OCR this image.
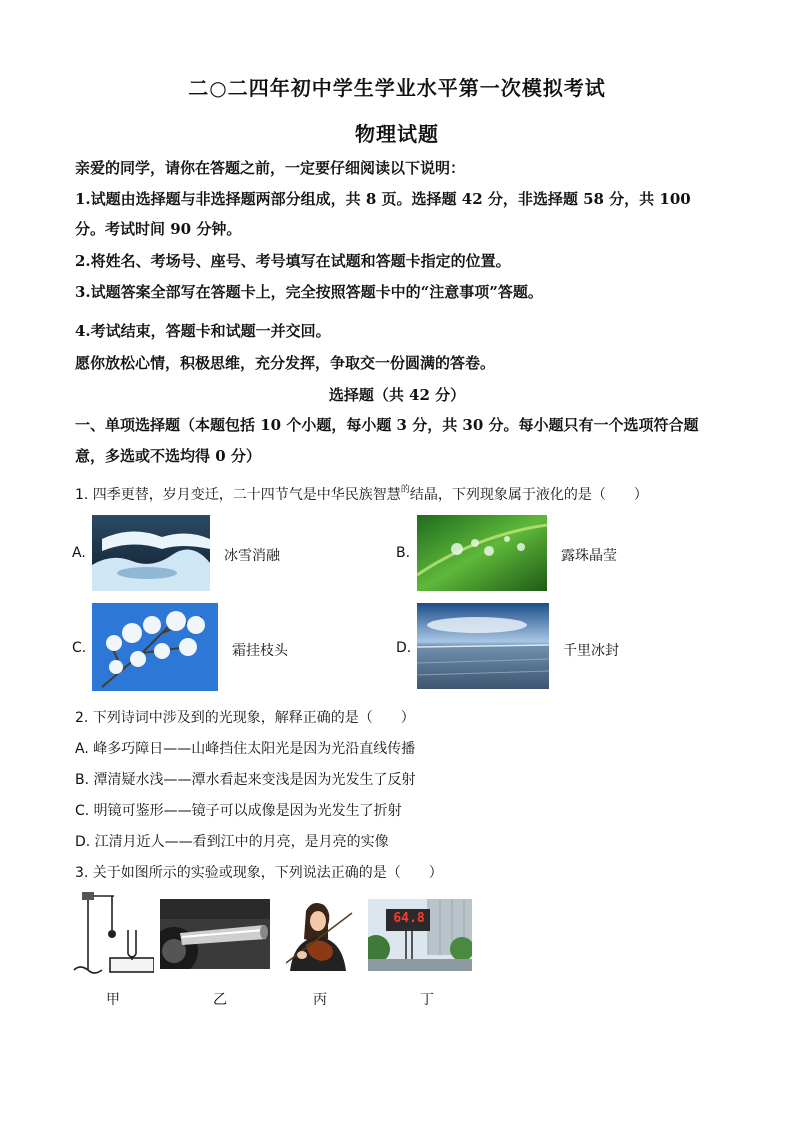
二○二四年初中学生学业水平第一次模拟考试
物理试题
亲爱的同学，请你在答题之前，一定要仔细阅读以下说明：
1.试题由选择题与非选择题两部分组成，共 8 页。选择题 42 分，非选择题 58 分，共 100
分。考试时间 90 分钟。
2.将姓名、考场号、座号、考号填写在试题和答题卡指定的位置。
3.试题答案全部写在答题卡上，完全按照答题卡中的“注意事项”答题。
4.考试结束，答题卡和试题一并交回。
愿你放松心情，积极思维，充分发挥，争取交一份圆满的答卷。
选择题（共 42 分）
一、单项选择题（本题包括 10 个小题，每小题 3 分，共 30 分。每小题只有一个选项符合题
意，多选或不选均得 0 分）
1. 四季更替，岁月变迁，二十四节气是中华民族智慧$^的$结晶，下列现象属于液化的是（　　）
A.	冰雪消融	B.	露珠晶莹
C.	霜挂枝头	D.	千里冰封
2. 下列诗词中涉及到的光现象，解释正确的是（　　）
A. 峰多巧障日——山峰挡住太阳光是因为光沿直线传播
B. 潭清疑水浅——潭水看起来变浅是因为光发生了反射
C. 明镜可鉴形——镜子可以成像是因为光发生了折射
D. 江清月近人——看到江中的月亮，是月亮的实像
3. 关于如图所示的实验或现象，下列说法正确的是（　　）
64.8
甲	乙	丙	丁
